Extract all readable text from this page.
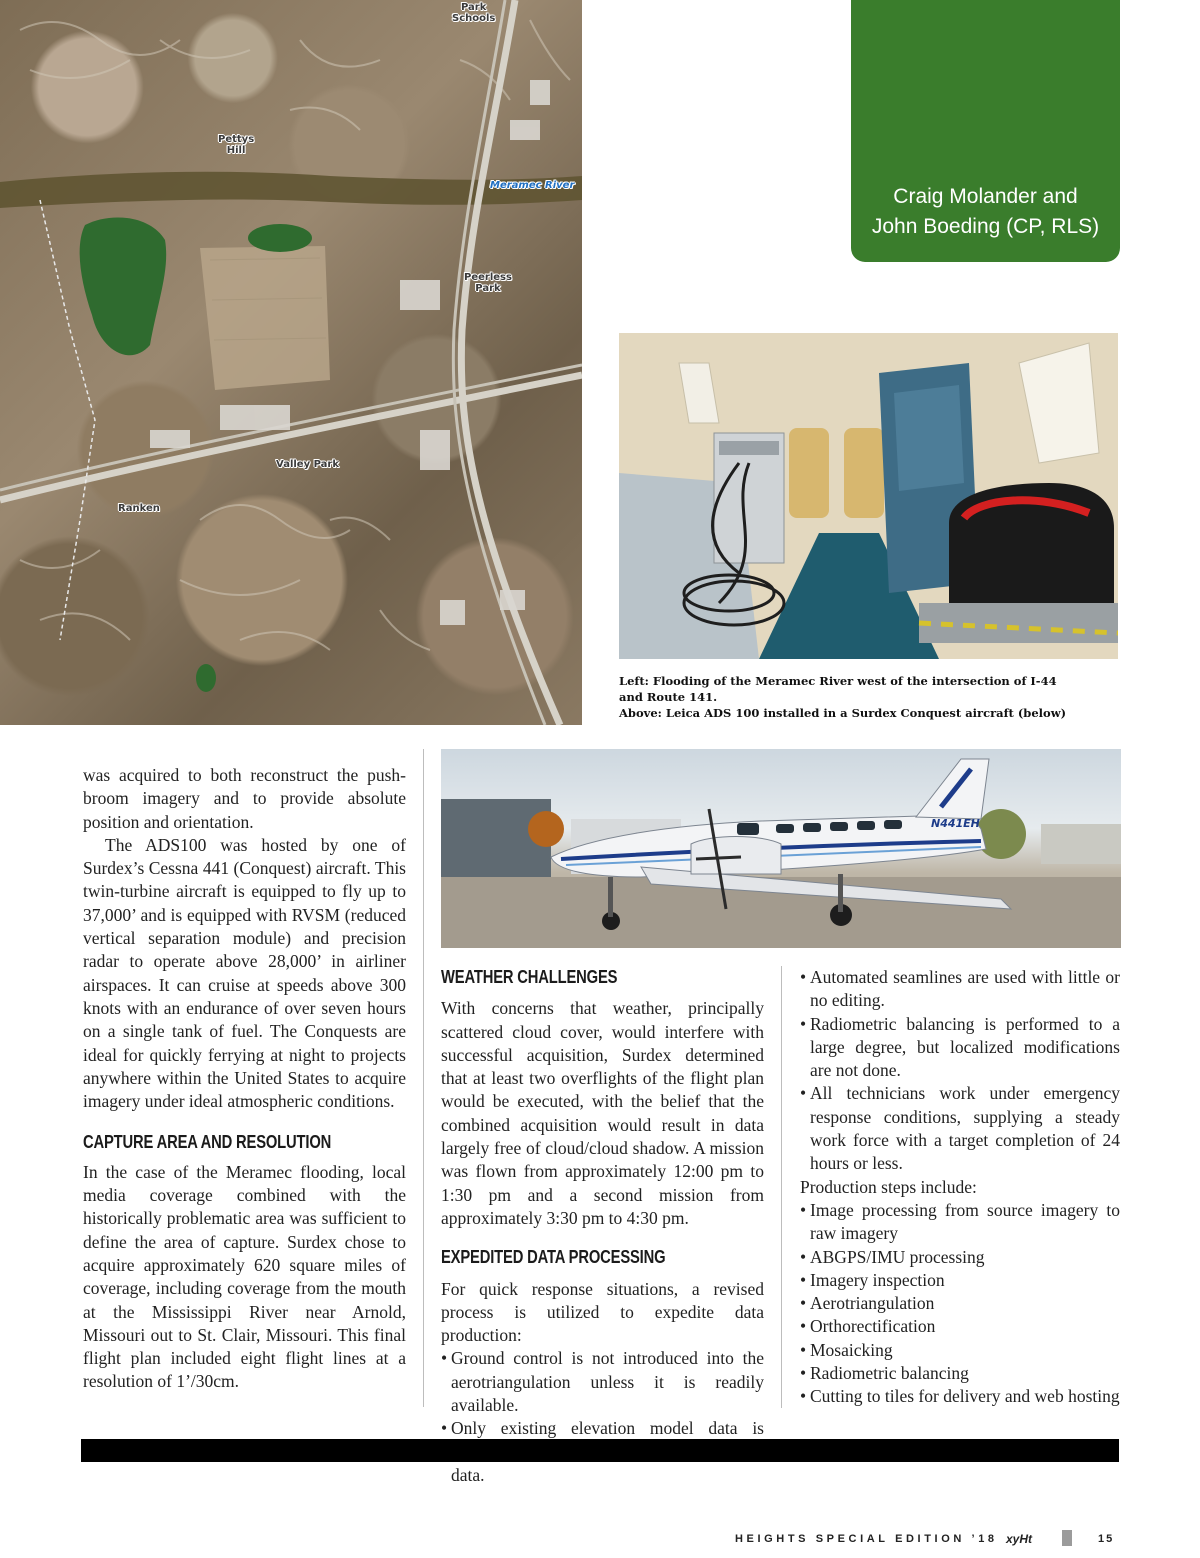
Park
Schools
Pettys
Hill
Meramec River
Peerless
Park
Valley Park
Ranken
Craig Molander and
John Boeding (CP, RLS)
Left: Flooding of the Meramec River west of the intersection of I-44
and Route 141.
Above: Leica ADS 100 installed in a Surdex Conquest aircraft (below)
N441EH

was acquired to both reconstruct the push-broom imagery and to provide absolute position and orientation.

The ADS100 was hosted by one of Surdex’s Cessna 441 (Conquest) aircraft. This twin-turbine aircraft is equipped to fly up to 37,000’ and is equipped with RVSM (reduced vertical separation module) and precision radar to operate above 28,000’ in airliner airspaces. It can cruise at speeds above 300 knots with an endurance of over seven hours on a single tank of fuel. The Conquests are ideal for quickly ferrying at night to projects anywhere within the United States to acquire imagery under ideal atmospheric conditions.

CAPTURE AREA AND RESOLUTION

In the case of the Meramec flooding, local media coverage combined with the historically problematic area was sufficient to define the area of capture. Surdex chose to acquire approximately 620 square miles of coverage, including coverage from the mouth at the Mississippi River near Arnold, Missouri out to St. Clair, Missouri. This final flight plan included eight flight lines at a resolution of 1’/30cm.

WEATHER CHALLENGES

With concerns that weather, principally scattered cloud cover, would interfere with successful acquisition, Surdex determined that at least two overflights of the flight plan would be executed, with the belief that the combined acquisition would result in data largely free of cloud/cloud shadow. A mission was flown from approximately 12:00 pm to 1:30 pm and a second mission from approximately 3:30 pm to 4:30 pm.

EXPEDITED DATA PROCESSING

For quick response situations, a revised process is utilized to expedite data production:

• Ground control is not introduced into the aerotriangulation unless it is readily available.
• Only existing elevation model data is data.
• Automated seamlines are used with little or no editing.
• Radiometric balancing is performed to a large degree, but localized modifications are not done.
• All technicians work under emergency response conditions, supplying a steady work force with a target completion of 24 hours or less.

Production steps include:

• Image processing from source imagery to raw imagery
• ABGPS/IMU processing
• Imagery inspection
• Aerotriangulation
• Orthorectification
• Mosaicking
• Radiometric balancing
• Cutting to tiles for delivery and web hosting
HEIGHTS SPECIAL EDITION ’18 xyHt	15
